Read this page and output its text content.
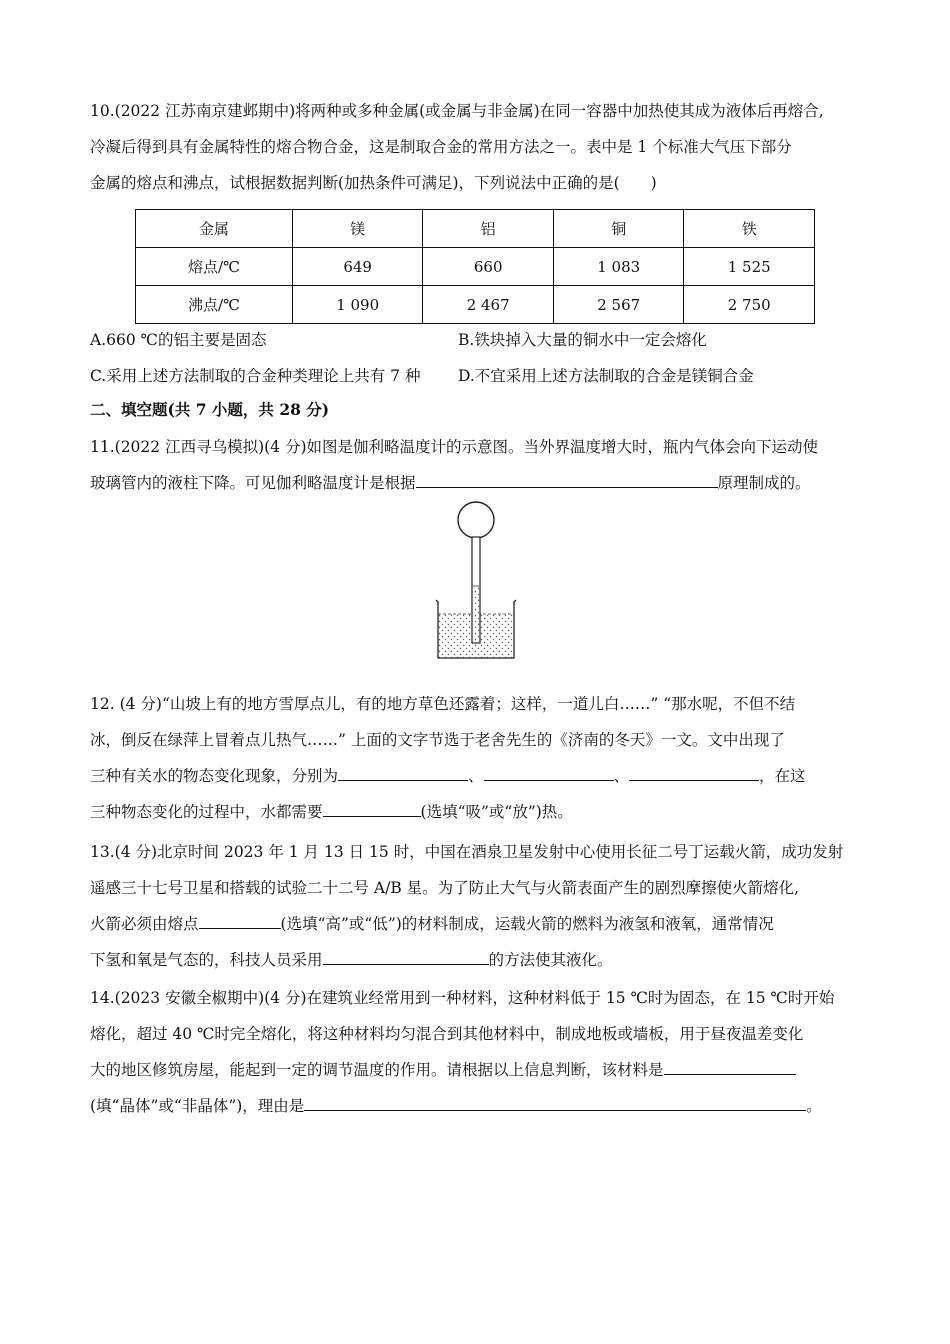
10.(2022 江苏南京建邺期中)将两种或多种金属(或金属与非金属)在同一容器中加热使其成为液体后再熔合,

冷凝后得到具有金属特性的熔合物合金，这是制取合金的常用方法之一。表中是 1 个标准大气压下部分

金属的熔点和沸点，试根据数据判断(加热条件可满足)，下列说法中正确的是(　　)

金属	镁	铝	铜	铁
熔点/℃	649	660	1 083	1 525
沸点/℃	1 090	2 467	2 567	2 750
A.660 ℃的铝主要是固态	B.铁块掉入大量的铜水中一定会熔化
C.采用上述方法制取的合金种类理论上共有 7 种 D.不宜采用上述方法制取的合金是镁铜合金
二、填空题(共 7 小题，共 28 分)

11.(2022 江西寻乌模拟)(4 分)如图是伽利略温度计的示意图。当外界温度增大时，瓶内气体会向下运动使

玻璃管内的液柱下降。可见伽利略温度计是根据	原理制成的。

12. (4 分)“山坡上有的地方雪厚点儿，有的地方草色还露着；这样，一道儿白……” “那水呢，不但不结

冰，倒反在绿萍上冒着点儿热气……” 上面的文字节选于老舍先生的《济南的冬天》一文。文中出现了

三种有关水的物态变化现象，分别为	、	、	，在这

三种物态变化的过程中，水都需要	(选填“吸”或“放”)热。

13.(4 分)北京时间 2023 年 1 月 13 日 15 时，中国在酒泉卫星发射中心使用长征二号丁运载火箭，成功发射

遥感三十七号卫星和搭载的试验二十二号 A/B 星。为了防止大气与火箭表面产生的剧烈摩擦使火箭熔化,

火箭必须由熔点	(选填“高”或“低”)的材料制成，运载火箭的燃料为液氢和液氧，通常情况

下氢和氧是气态的，科技人员采用	的方法使其液化。

14.(2023 安徽全椒期中)(4 分)在建筑业经常用到一种材料，这种材料低于 15 ℃时为固态，在 15 ℃时开始

熔化，超过 40 ℃时完全熔化，将这种材料均匀混合到其他材料中，制成地板或墙板，用于昼夜温差变化

大的地区修筑房屋，能起到一定的调节温度的作用。请根据以上信息判断，该材料是

(填“晶体”或“非晶体”)，理由是	。
